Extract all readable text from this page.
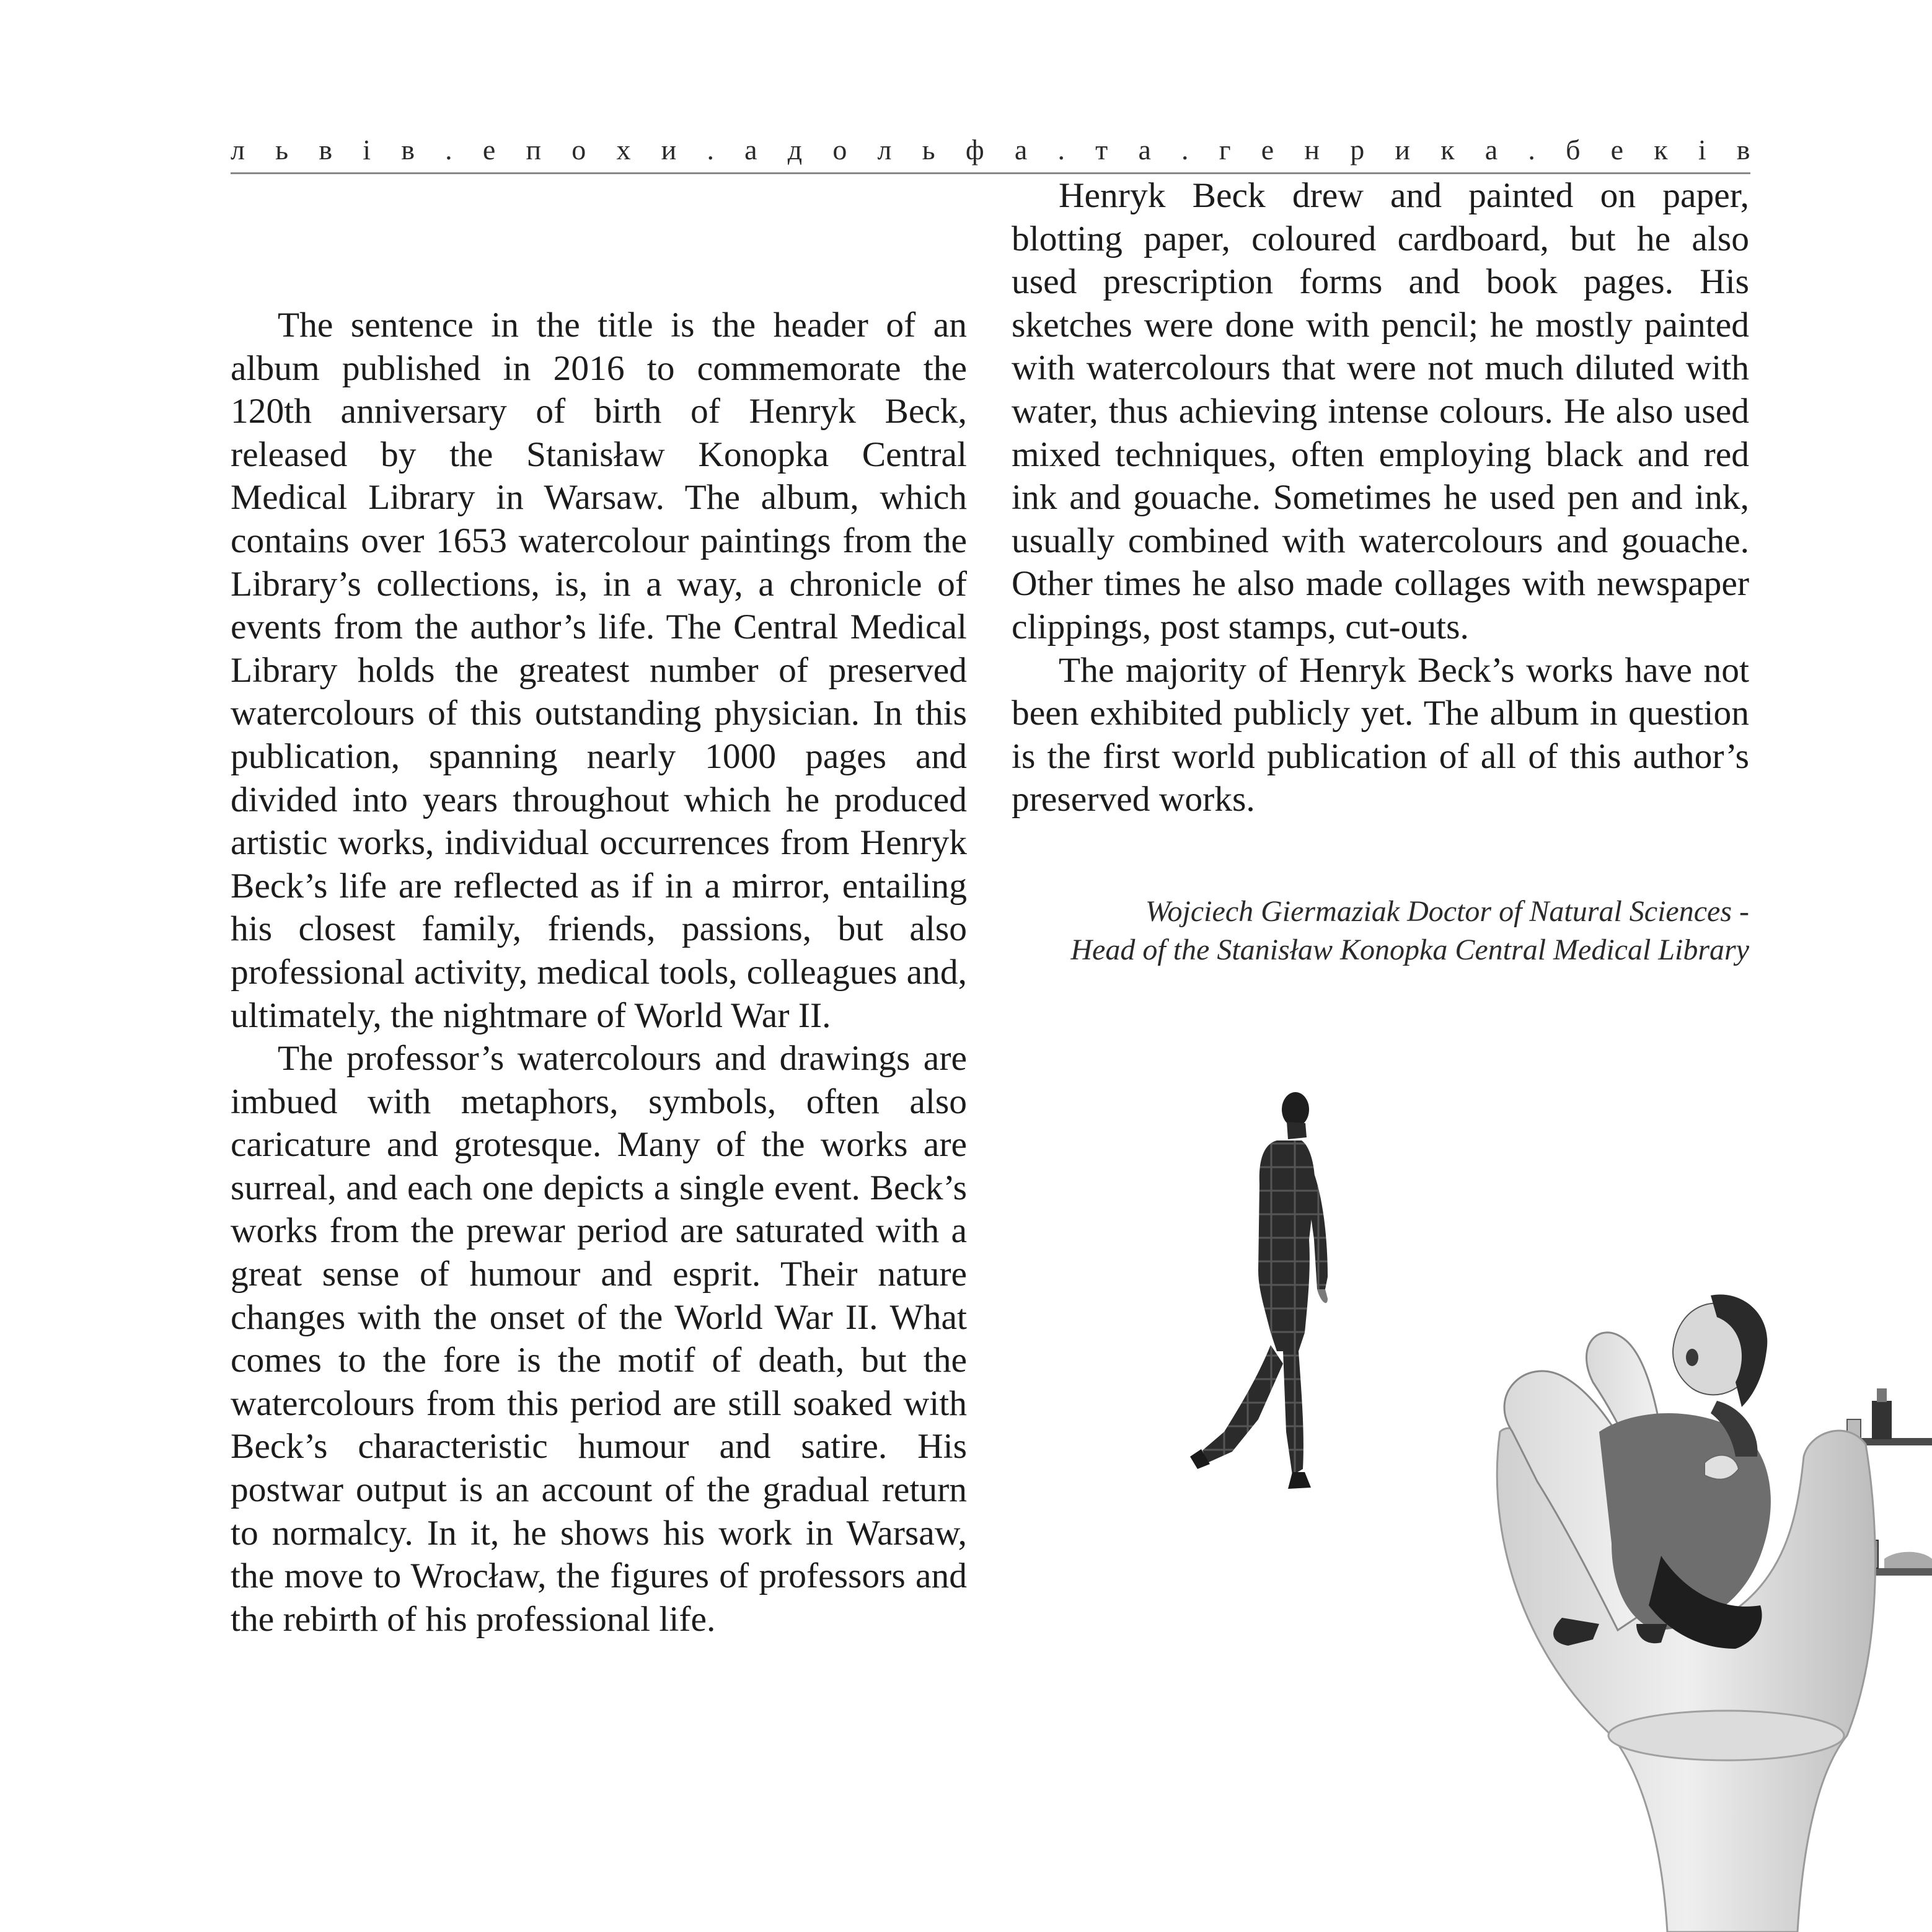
л ь в і в . е п о х и . а д о л ь ф а . т а . г е н р и к а . б е к і в

The sentence in the title is the header of an album published in 2016 to commemorate the 120th anniversary of birth of Henryk Beck, released by the Stanisław Konopka Central Medical Library in Warsaw. The album, which contains over 1653 watercolour paintings from the Library’s collections, is, in a way, a chronicle of events from the author’s life. The Central Medical Library holds the greatest number of preserved watercolours of this outstanding physician. In this publication, spanning nearly 1000 pages and divided into years throughout which he produced artistic works, individual occurrences from Henryk Beck’s life are reflected as if in a mirror, entailing his closest family, friends, passions, but also professional activity, medical tools, colleagues and, ultimately, the nightmare of World War II.

The professor’s watercolours and drawings are imbued with metaphors, symbols, often also caricature and grotesque. Many of the works are surreal, and each one depicts a single event. Beck’s works from the prewar period are saturated with a great sense of humour and esprit. Their nature changes with the onset of the World War II. What comes to the fore is the motif of death, but the watercolours from this period are still soaked with Beck’s characteristic humour and satire. His postwar output is an account of the gradual return to normalcy. In it, he shows his work in Warsaw, the move to Wrocław, the figures of professors and the rebirth of his professional life.

Henryk Beck drew and painted on paper, blotting paper, coloured cardboard, but he also used prescription forms and book pages. His sketches were done with pencil; he mostly painted with watercolours that were not much diluted with water, thus achieving intense colours. He also used mixed techniques, often employing black and red ink and gouache. Sometimes he used pen and ink, usually combined with watercolours and gouache. Other times he also made collages with newspaper clippings, post stamps, cut-outs.

The majority of Henryk Beck’s works have not been exhibited publicly yet. The album in question is the first world publication of all of this author’s preserved works.

Wojciech Giermaziak Doctor of Natural Sciences -
Head of the Stanisław Konopka Central Medical Library
